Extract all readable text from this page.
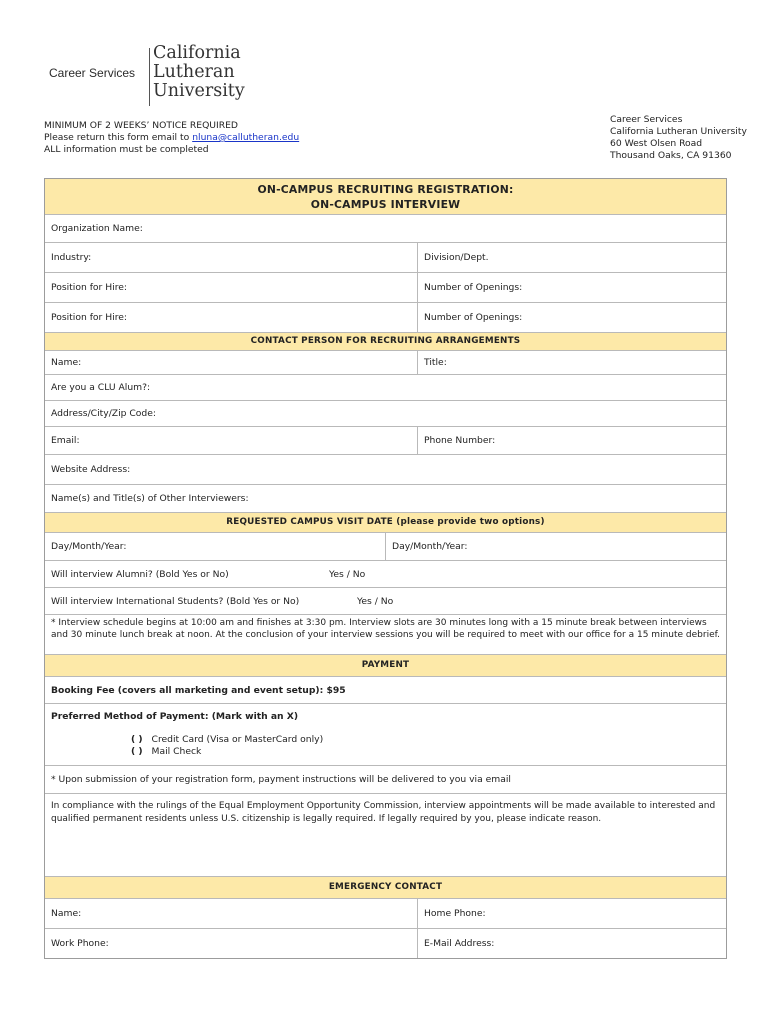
Career Services
California
Lutheran
University
MINIMUM OF 2 WEEKS’ NOTICE REQUIRED
Please return this form email to nluna@callutheran.edu
ALL information must be completed
Career Services
California Lutheran University
60 West Olsen Road
Thousand Oaks, CA 91360
ON-CAMPUS RECRUITING REGISTRATION:
ON-CAMPUS INTERVIEW
Organization Name:
Industry:	Division/Dept.
Position for Hire:	Number of Openings:
Position for Hire:	Number of Openings:
CONTACT PERSON FOR RECRUITING ARRANGEMENTS
Name:	Title:
Are you a CLU Alum?:
Address/City/Zip Code:
Email:	Phone Number:
Website Address:
Name(s) and Title(s) of Other Interviewers:
REQUESTED CAMPUS VISIT DATE (please provide two options)
Day/Month/Year:	Day/Month/Year:
Will interview Alumni? (Bold Yes or No)	Yes / No
Will interview International Students? (Bold Yes or No)	Yes / No
* Interview schedule begins at 10:00 am and finishes at 3:30 pm. Interview slots are 30 minutes long with a 15 minute break between interviews and 30 minute lunch break at noon. At the conclusion of your interview sessions you will be required to meet with our office for a 15 minute debrief.
PAYMENT
Booking Fee (covers all marketing and event setup): $95
Preferred Method of Payment: (Mark with an X)
( ) Credit Card (Visa or MasterCard only)
( ) Mail Check
* Upon submission of your registration form, payment instructions will be delivered to you via email
In compliance with the rulings of the Equal Employment Opportunity Commission, interview appointments will be made available to interested and qualified permanent residents unless U.S. citizenship is legally required. If legally required by you, please indicate reason.
EMERGENCY CONTACT
Name:	Home Phone:
Work Phone:	E-Mail Address:
